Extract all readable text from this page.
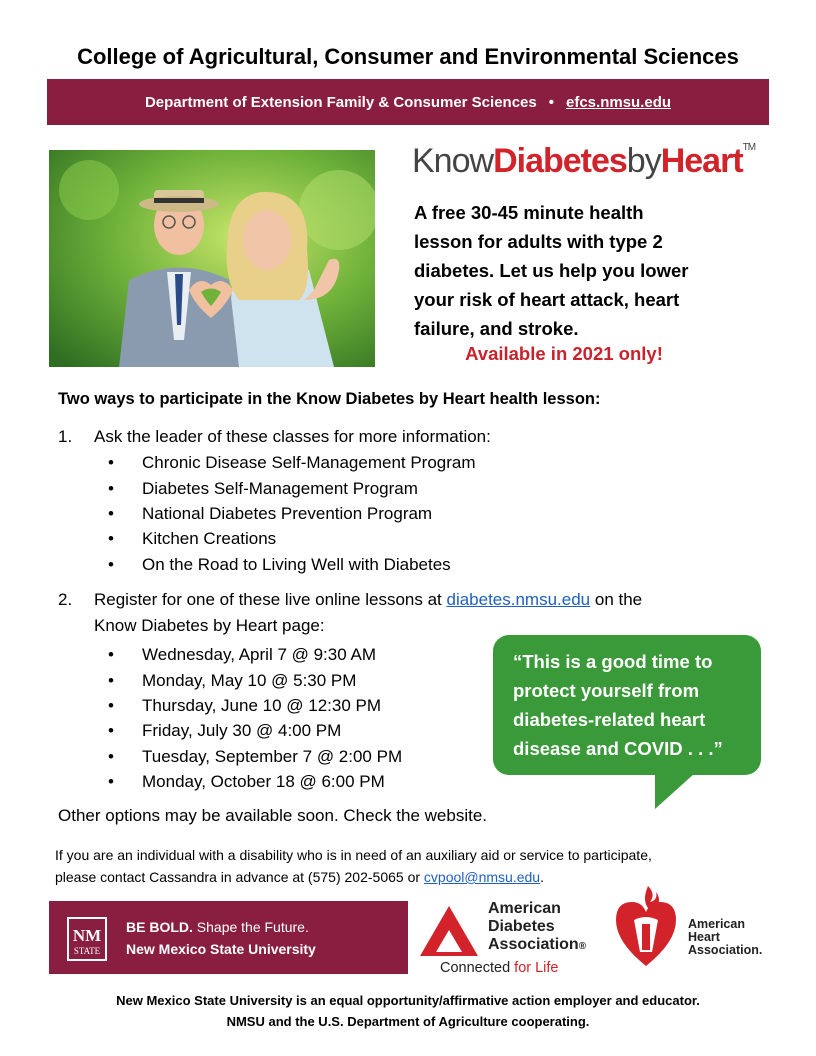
College of Agricultural, Consumer and Environmental Sciences
Department of Extension Family & Consumer Sciences • efcs.nmsu.edu
KnowDiabetesbyHeart™
A free 30-45 minute health
lesson for adults with type 2
diabetes. Let us help you lower
your risk of heart attack, heart
failure, and stroke.
Available in 2021 only!
Two ways to participate in the Know Diabetes by Heart health lesson:
1. Ask the leader of these classes for more information:
• Chronic Disease Self-Management Program
• Diabetes Self-Management Program
• National Diabetes Prevention Program
• Kitchen Creations
• On the Road to Living Well with Diabetes
2. Register for one of these live online lessons at diabetes.nmsu.edu on the
Know Diabetes by Heart page:
• Wednesday, April 7 @ 9:30 AM
• Monday, May 10 @ 5:30 PM
• Thursday, June 10 @ 12:30 PM
• Friday, July 30 @ 4:00 PM
• Tuesday, September 7 @ 2:00 PM
• Monday, October 18 @ 6:00 PM
“This is a good time to
protect yourself from
diabetes-related heart
disease and COVID . . .”
Other options may be available soon. Check the website.
If you are an individual with a disability who is in need of an auxiliary aid or service to participate,
please contact Cassandra in advance at (575) 202-5065 or cvpool@nmsu.edu.
NM
STATE
BE BOLD. Shape the Future.
New Mexico State University
American
Diabetes
Association®
Connected for Life
American
Heart
Association.
New Mexico State University is an equal opportunity/affirmative action employer and educator.
NMSU and the U.S. Department of Agriculture cooperating.
